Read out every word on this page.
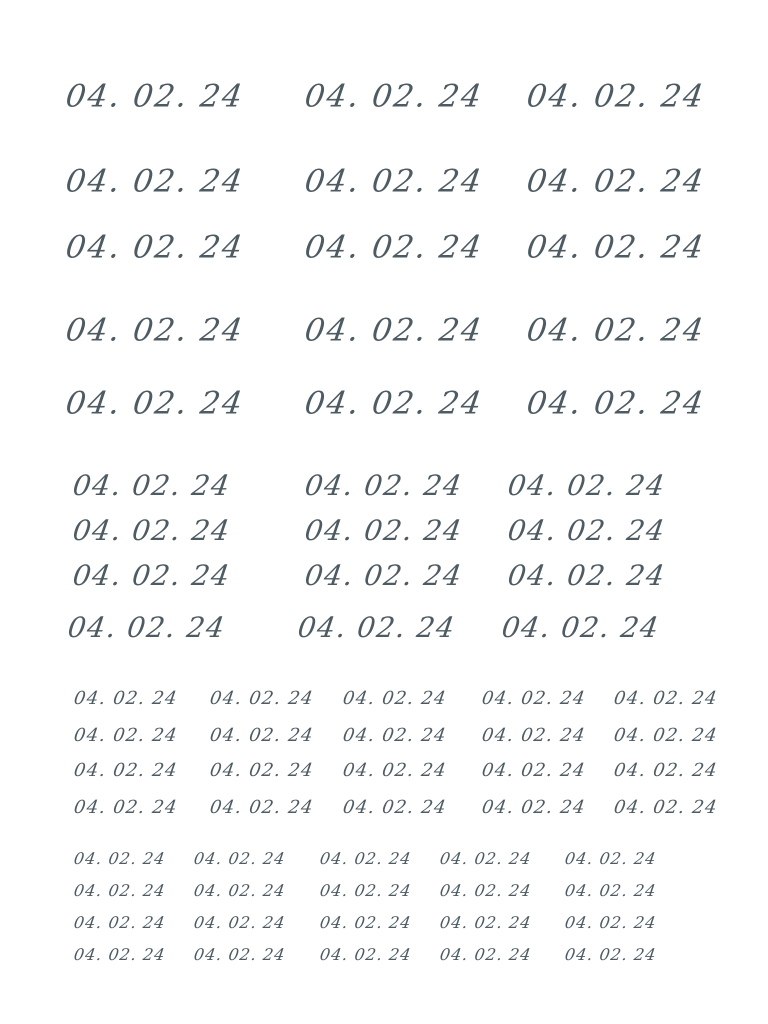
04. 02. 24 04. 02. 24 04. 02. 24
04. 02. 24 04. 02. 24 04. 02. 24
04. 02. 24 04. 02. 24 04. 02. 24
04. 02. 24 04. 02. 24 04. 02. 24
04. 02. 24 04. 02. 24 04. 02. 24
04. 02. 24 04. 02. 24 04. 02. 24
04. 02. 24 04. 02. 24 04. 02. 24
04. 02. 24 04. 02. 24 04. 02. 24
04. 02. 24 04. 02. 24 04. 02. 24
04. 02. 24 04. 02. 24 04. 02. 24 04. 02. 24 04. 02. 24
04. 02. 24 04. 02. 24 04. 02. 24 04. 02. 24 04. 02. 24
04. 02. 24 04. 02. 24 04. 02. 24 04. 02. 24 04. 02. 24
04. 02. 24 04. 02. 24 04. 02. 24 04. 02. 24 04. 02. 24
04. 02. 24 04. 02. 24 04. 02. 24 04. 02. 24 04. 02. 24
04. 02. 24 04. 02. 24 04. 02. 24 04. 02. 24 04. 02. 24
04. 02. 24 04. 02. 24 04. 02. 24 04. 02. 24 04. 02. 24
04. 02. 24 04. 02. 24 04. 02. 24 04. 02. 24 04. 02. 24
